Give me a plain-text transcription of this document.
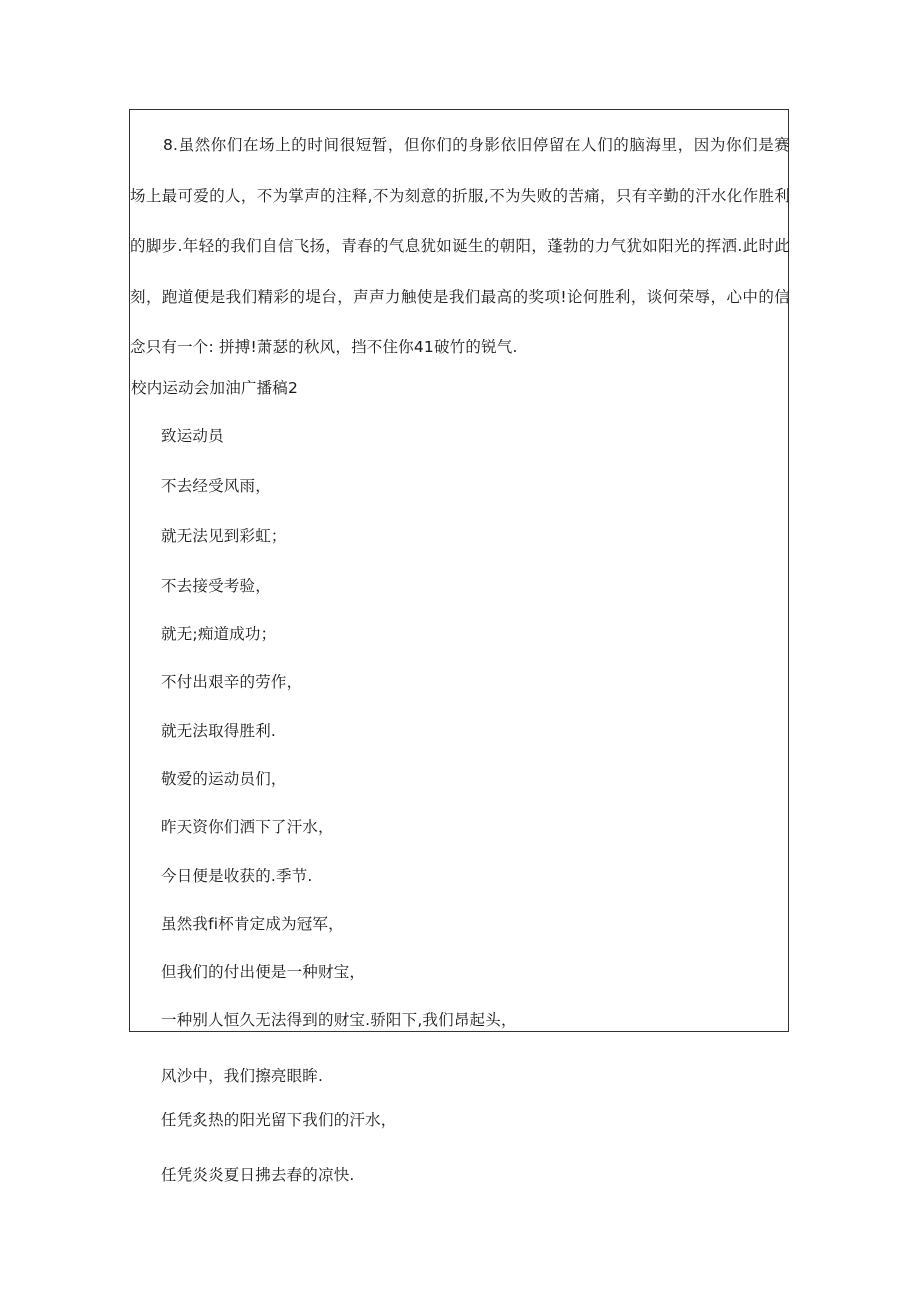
8.虽然你们在场上的时间很短暂，但你们的身影依旧停留在人们的脑海里，因为你们是赛场上最可爱的人，不为掌声的注释,不为刻意的折服,不为失败的苦痛，只有辛勤的汗水化作胜利的脚步.年轻的我们自信飞扬，青春的气息犹如诞生的朝阳，蓬勃的力气犹如阳光的挥洒.此时此刻，跑道便是我们精彩的堤台，声声力触使是我们最高的奖项!论何胜利，谈何荣辱，心中的信念只有一个: 拼搏!萧瑟的秋风，挡不住你41破竹的锐气.

校内运动会加油广播稿2

致运动员

不去经受风雨，

就无法见到彩虹；

不去接受考验，

就无;痴道成功；

不付出艰辛的劳作，

就无法取得胜利.

敬爱的运动员们，

昨天资你们洒下了汗水，

今日便是收获的.季节.

虽然我fi杯肯定成为冠军，

但我们的付出便是一种财宝，

一种别人恒久无法得到的财宝.骄阳下,我们昂起头，

风沙中，我们擦亮眼眸.

任凭炙热的阳光留下我们的汗水，

任凭炎炎夏日拂去春的凉快.
